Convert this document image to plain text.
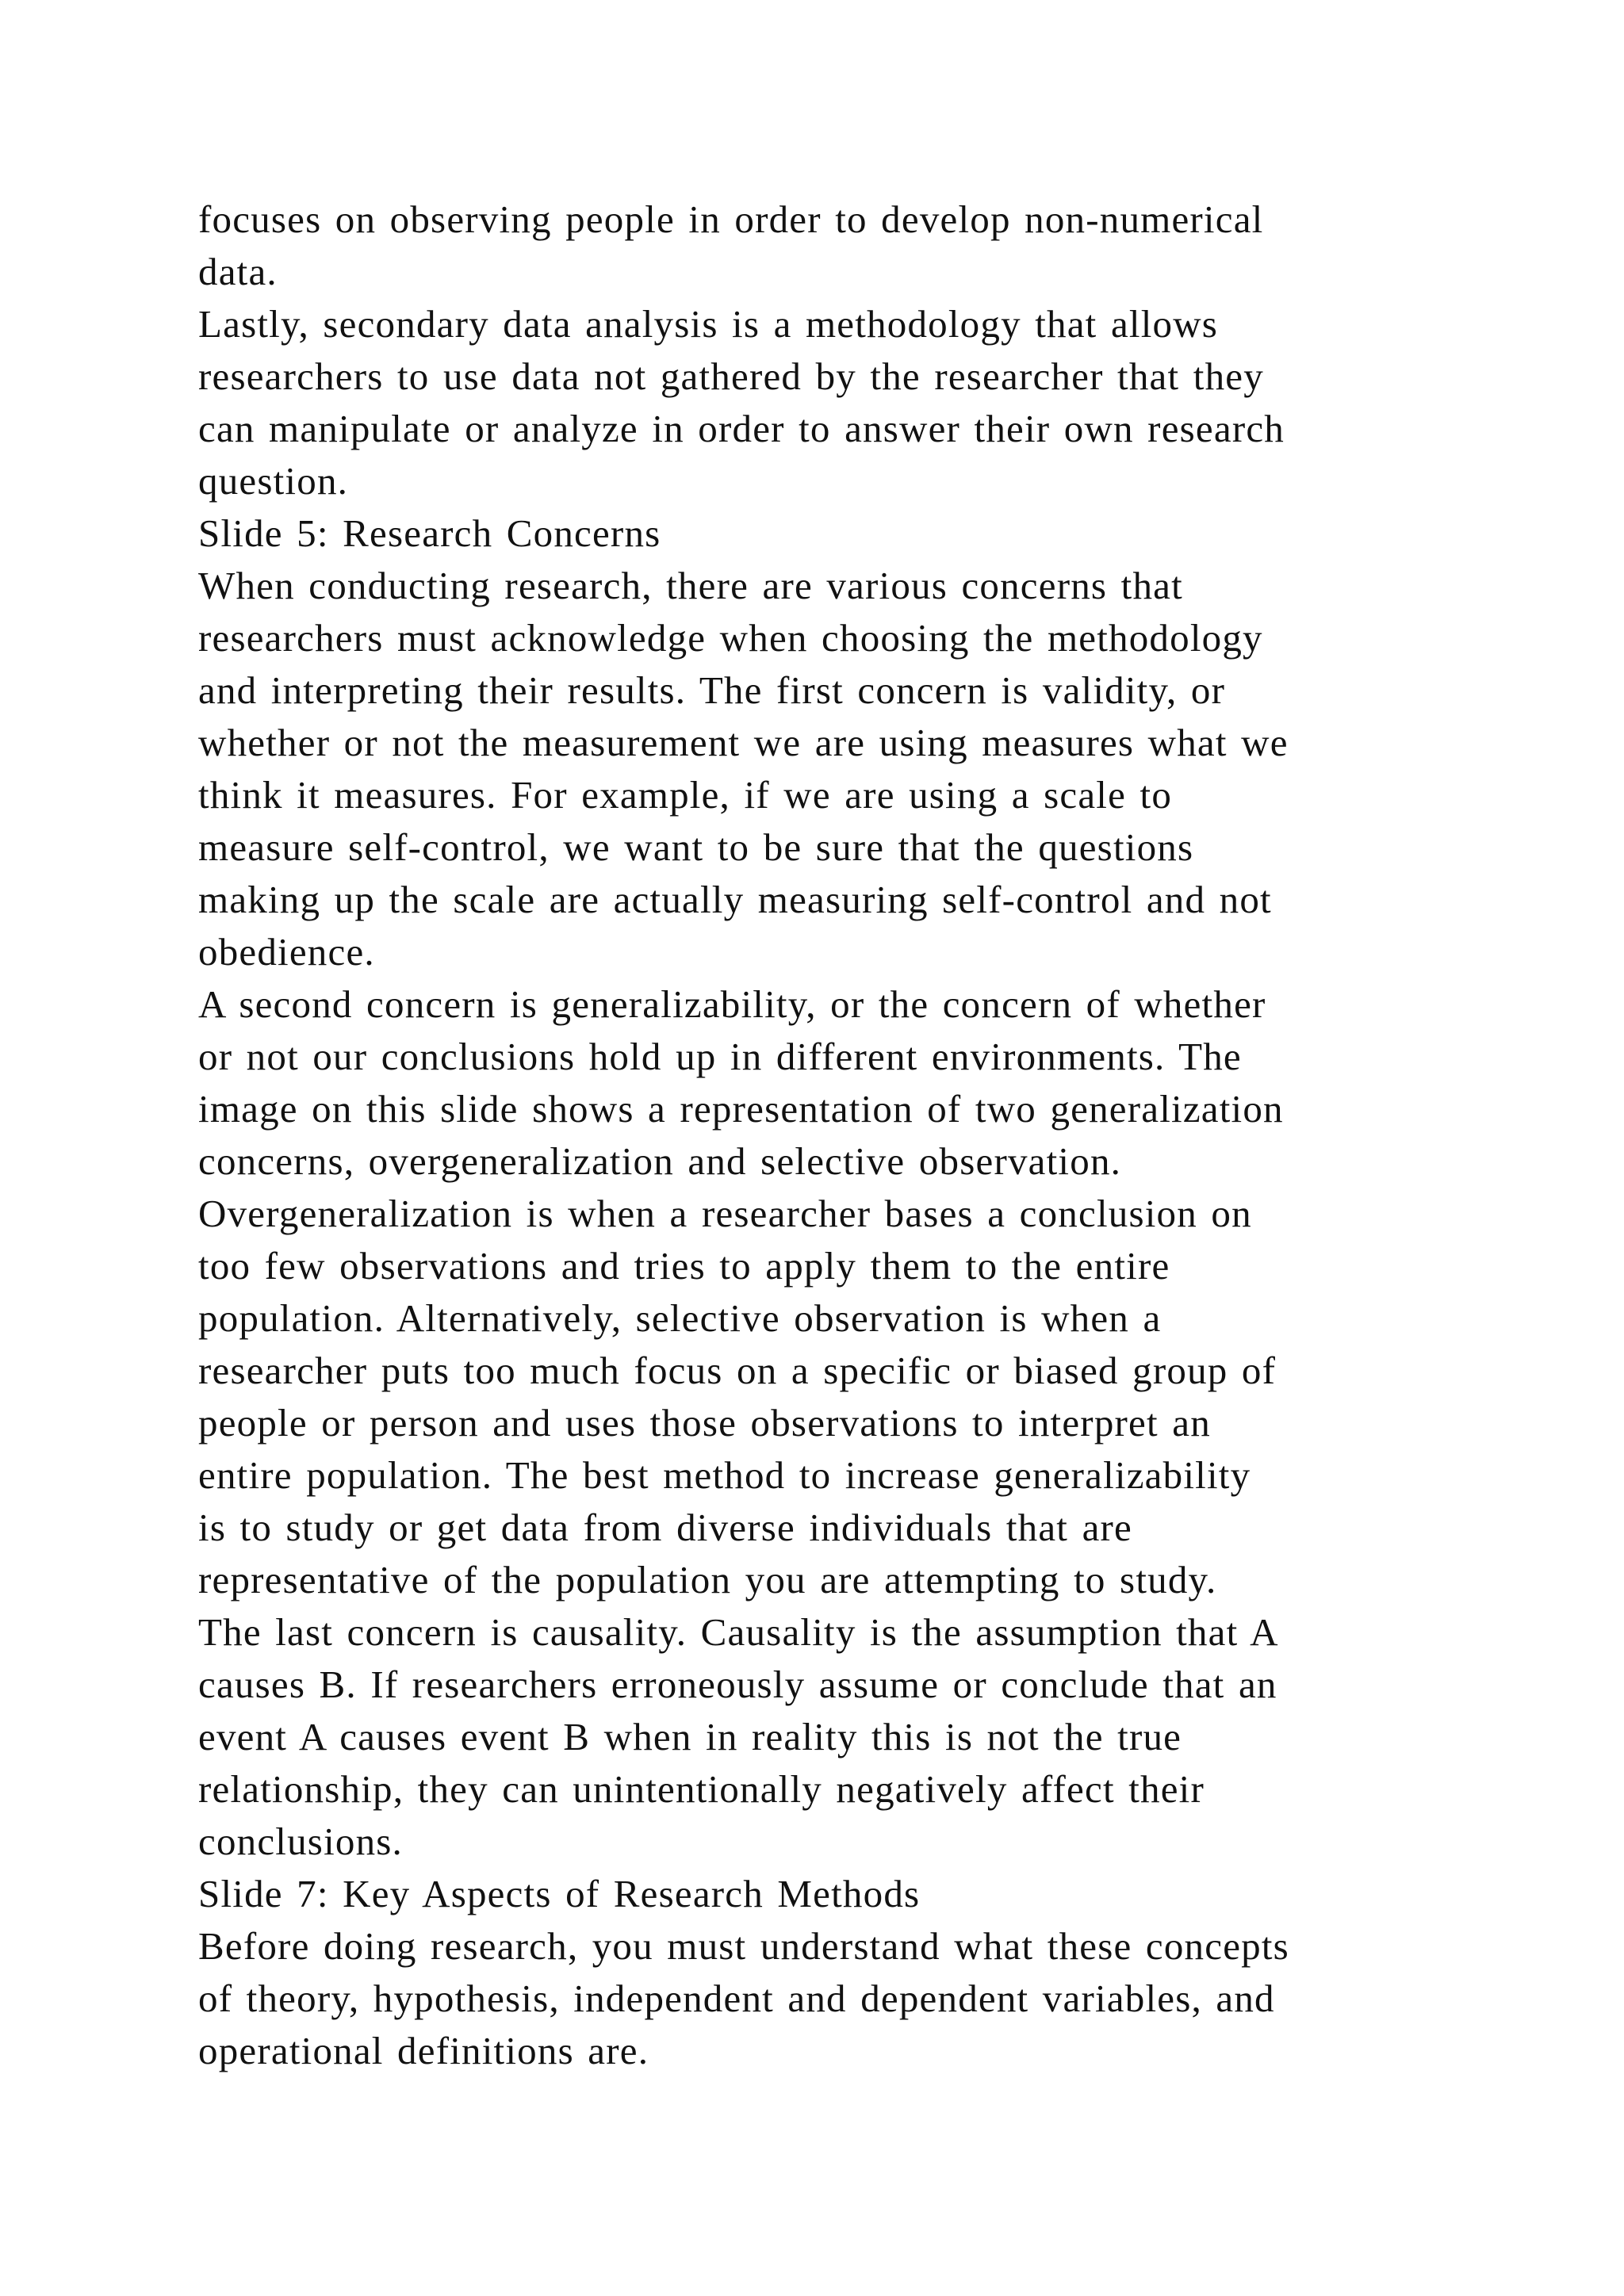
focuses on observing people in order to develop non-numerical
data.
Lastly, secondary data analysis is a methodology that allows
researchers to use data not gathered by the researcher that they
can manipulate or analyze in order to answer their own research
question.
Slide 5: Research Concerns
When conducting research, there are various concerns that
researchers must acknowledge when choosing the methodology
and interpreting their results. The first concern is validity, or
whether or not the measurement we are using measures what we
think it measures. For example, if we are using a scale to
measure self-control, we want to be sure that the questions
making up the scale are actually measuring self-control and not
obedience.
A second concern is generalizability, or the concern of whether
or not our conclusions hold up in different environments. The
image on this slide shows a representation of two generalization
concerns, overgeneralization and selective observation.
Overgeneralization is when a researcher bases a conclusion on
too few observations and tries to apply them to the entire
population. Alternatively, selective observation is when a
researcher puts too much focus on a specific or biased group of
people or person and uses those observations to interpret an
entire population. The best method to increase generalizability
is to study or get data from diverse individuals that are
representative of the population you are attempting to study.
The last concern is causality. Causality is the assumption that A
causes B. If researchers erroneously assume or conclude that an
event A causes event B when in reality this is not the true
relationship, they can unintentionally negatively affect their
conclusions.
Slide 7: Key Aspects of Research Methods
Before doing research, you must understand what these concepts
of theory, hypothesis, independent and dependent variables, and
operational definitions are.
